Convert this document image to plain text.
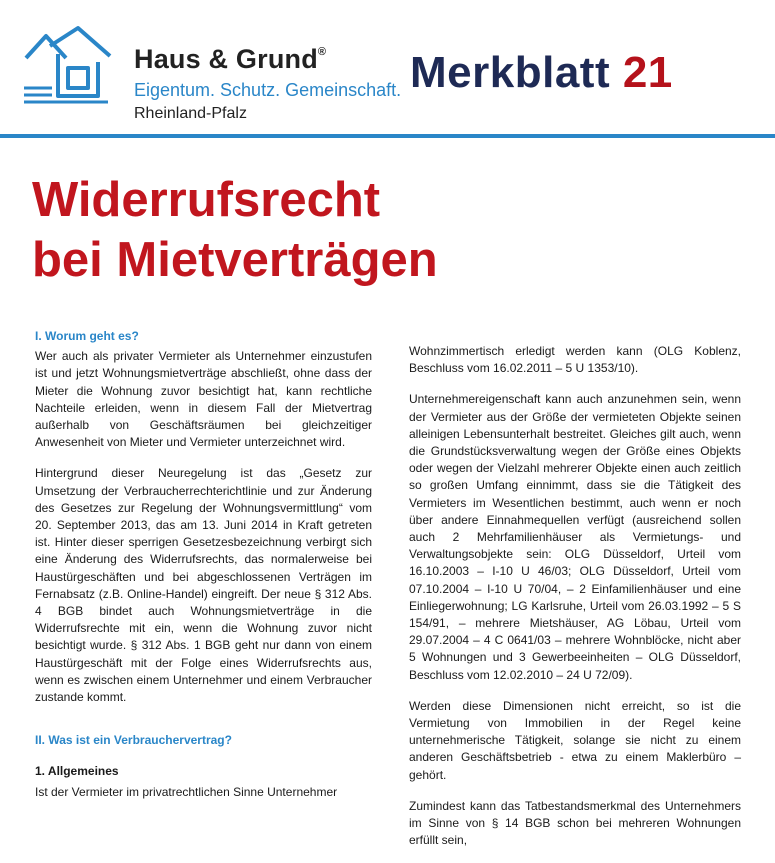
Haus & Grund®
Eigentum. Schutz. Gemeinschaft.
Rheinland-Pfalz
Merkblatt 21
Widerrufsrecht
bei Mietverträgen
I. Worum geht es?

Wer auch als privater Vermieter als Unternehmer einzustufen ist und jetzt Wohnungsmietverträge abschließt, ohne dass der Mieter die Wohnung zuvor besichtigt hat, kann rechtliche Nachteile erleiden, wenn in diesem Fall der Mietvertrag außerhalb von Geschäftsräumen bei gleichzeitiger Anwesenheit von Mieter und Vermieter unterzeichnet wird.

Hintergrund dieser Neuregelung ist das „Gesetz zur Umsetzung der Verbraucherrechterichtlinie und zur Änderung des Gesetzes zur Regelung der Wohnungsvermittlung“ vom 20. September 2013, das am 13. Juni 2014 in Kraft getreten ist. Hinter dieser sperrigen Gesetzesbezeichnung verbirgt sich eine Änderung des Widerrufsrechts, das normalerweise bei Haustürgeschäften und bei abgeschlossenen Verträgen im Fernabsatz (z.B. Online-Handel) eingreift. Der neue § 312 Abs. 4 BGB bindet auch Wohnungsmietverträge in die Widerrufsrechte mit ein, wenn die Wohnung zuvor nicht besichtigt wurde. § 312 Abs. 1 BGB geht nur dann von einem Haustürgeschäft mit der Folge eines Widerrufsrechts aus, wenn es zwischen einem Unternehmer und einem Verbraucher zustande kommt.

II. Was ist ein Verbrauchervertrag?
1. Allgemeines

Ist der Vermieter im privatrechtlichen Sinne Unternehmer

Wohnzimmertisch erledigt werden kann (OLG Koblenz, Beschluss vom 16.02.2011 – 5 U 1353/10).

Unternehmereigenschaft kann auch anzunehmen sein, wenn der Vermieter aus der Größe der vermieteten Objekte seinen alleinigen Lebensunterhalt bestreitet. Gleiches gilt auch, wenn die Grundstücksverwaltung wegen der Größe eines Objekts oder wegen der Vielzahl mehrerer Objekte einen auch zeitlich so großen Umfang einnimmt, dass sie die Tätigkeit des Vermieters im Wesentlichen bestimmt, auch wenn er noch über andere Einnahmequellen verfügt (ausreichend sollen auch 2 Mehrfamilienhäuser als Vermietungs- und Verwaltungsobjekte sein: OLG Düsseldorf, Urteil vom 16.10.2003 – I-10 U 46/03; OLG Düsseldorf, Urteil vom 07.10.2004 – I-10 U 70/04, – 2 Einfamilienhäuser und eine Einliegerwohnung; LG Karlsruhe, Urteil vom 26.03.1992 – 5 S 154/91, – mehrere Mietshäuser, AG Löbau, Urteil vom 29.07.2004 – 4 C 0641/03 – mehrere Wohnblöcke, nicht aber 5 Wohnungen und 3 Gewerbeeinheiten – OLG Düsseldorf, Beschluss vom 12.02.2010 – 24 U 72/09).

Werden diese Dimensionen nicht erreicht, so ist die Vermietung von Immobilien in der Regel keine unternehmerische Tätigkeit, solange sie nicht zu einem anderen Geschäftsbetrieb - etwa zu einem Maklerbüro – gehört.

Zumindest kann das Tatbestandsmerkmal des Unternehmers im Sinne von § 14 BGB schon bei mehreren Wohnungen erfüllt sein,
